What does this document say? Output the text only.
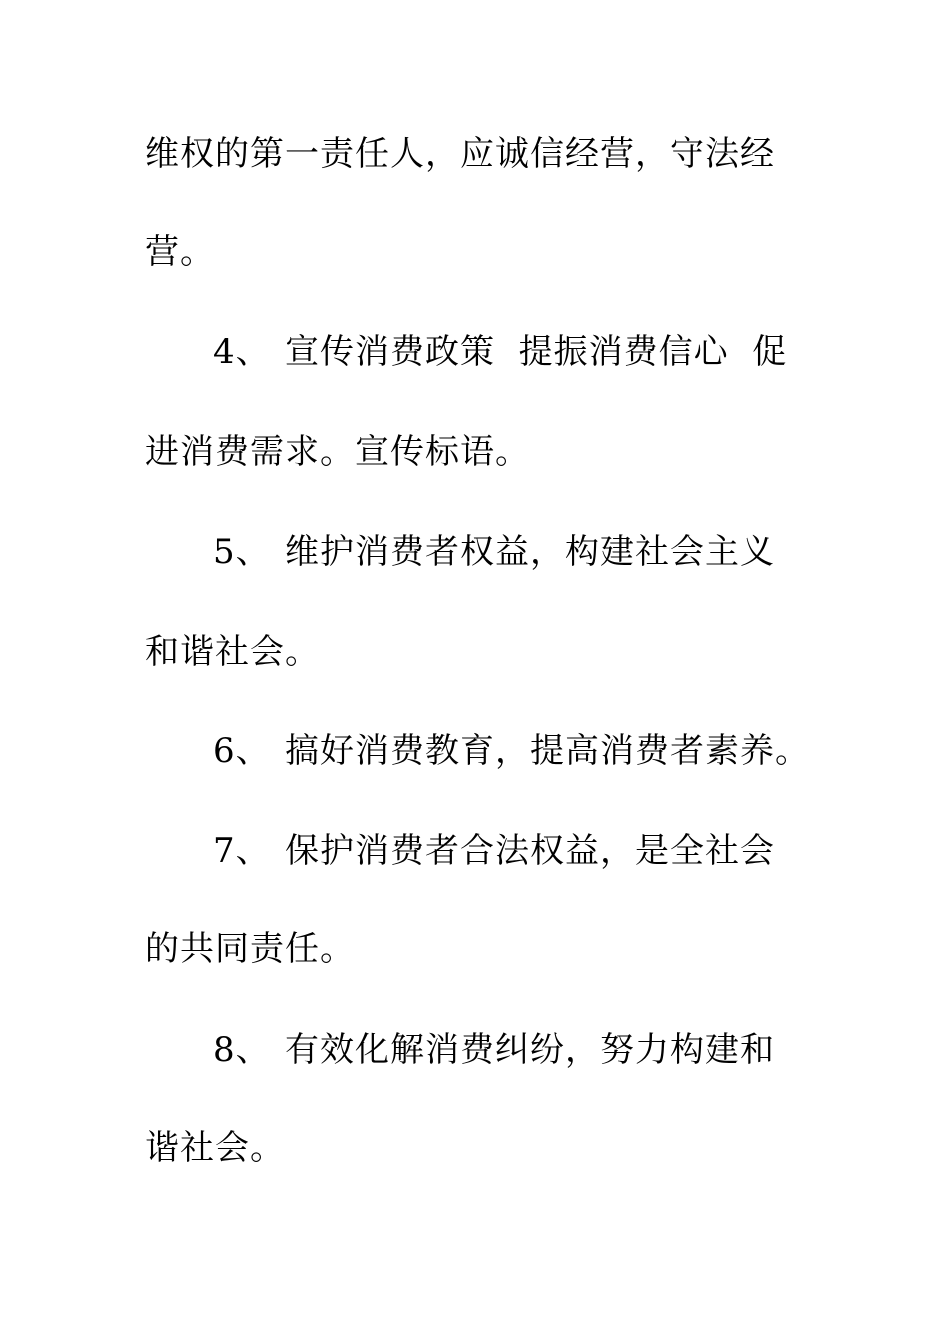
维权的第一责任人，应诚信经营，守法经
营。
4、 宣传消费政策  提振消费信心  促
进消费需求。宣传标语。
5、 维护消费者权益，构建社会主义
和谐社会。
6、 搞好消费教育，提高消费者素养。
7、 保护消费者合法权益，是全社会
的共同责任。
8、 有效化解消费纠纷，努力构建和
谐社会。
